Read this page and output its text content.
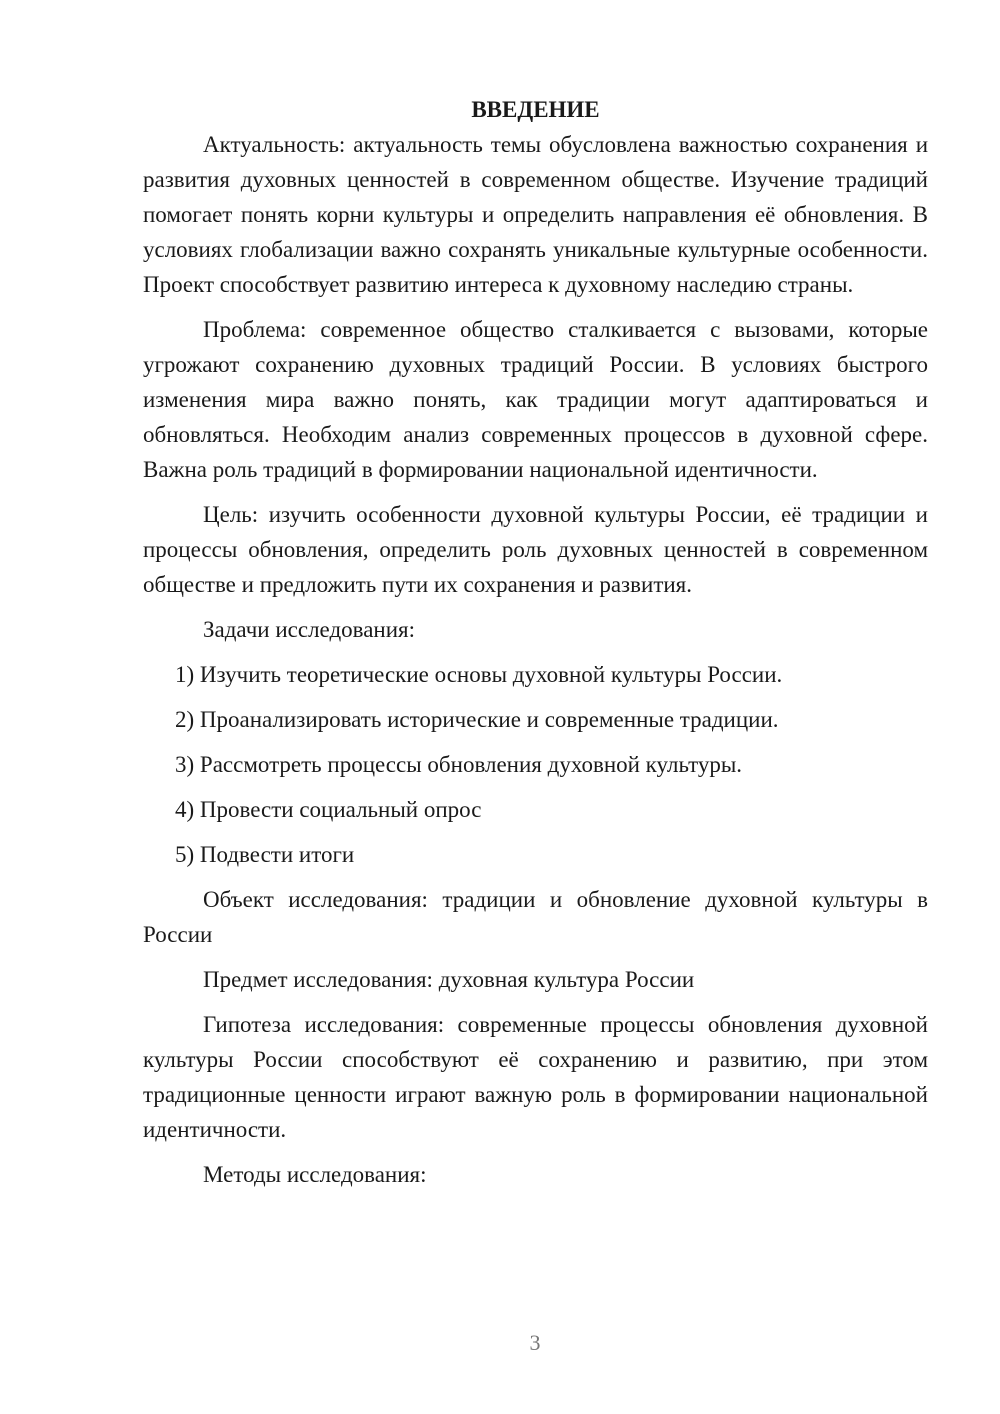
ВВЕДЕНИЕ

Актуальность: актуальность темы обусловлена важностью сохранения и развития духовных ценностей в современном обществе. Изучение традиций помогает понять корни культуры и определить направления её обновления. В условиях глобализации важно сохранять уникальные культурные особенности. Проект способствует развитию интереса к духовному наследию страны.

Проблема: современное общество сталкивается с вызовами, которые угрожают сохранению духовных традиций России. В условиях быстрого изменения мира важно понять, как традиции могут адаптироваться и обновляться. Необходим анализ современных процессов в духовной сфере. Важна роль традиций в формировании национальной идентичности.

Цель: изучить особенности духовной культуры России, её традиции и процессы обновления, определить роль духовных ценностей в современном обществе и предложить пути их сохранения и развития.

Задачи исследования:

1) Изучить теоретические основы духовной культуры России.
2) Проанализировать исторические и современные традиции.
3) Рассмотреть процессы обновления духовной культуры.
4) Провести социальный опрос
5) Подвести итоги

Объект исследования: традиции и обновление духовной культуры в России

Предмет исследования: духовная культура России

Гипотеза исследования: современные процессы обновления духовной культуры России способствуют её сохранению и развитию, при этом традиционные ценности играют важную роль в формировании национальной идентичности.

Методы исследования:

3
